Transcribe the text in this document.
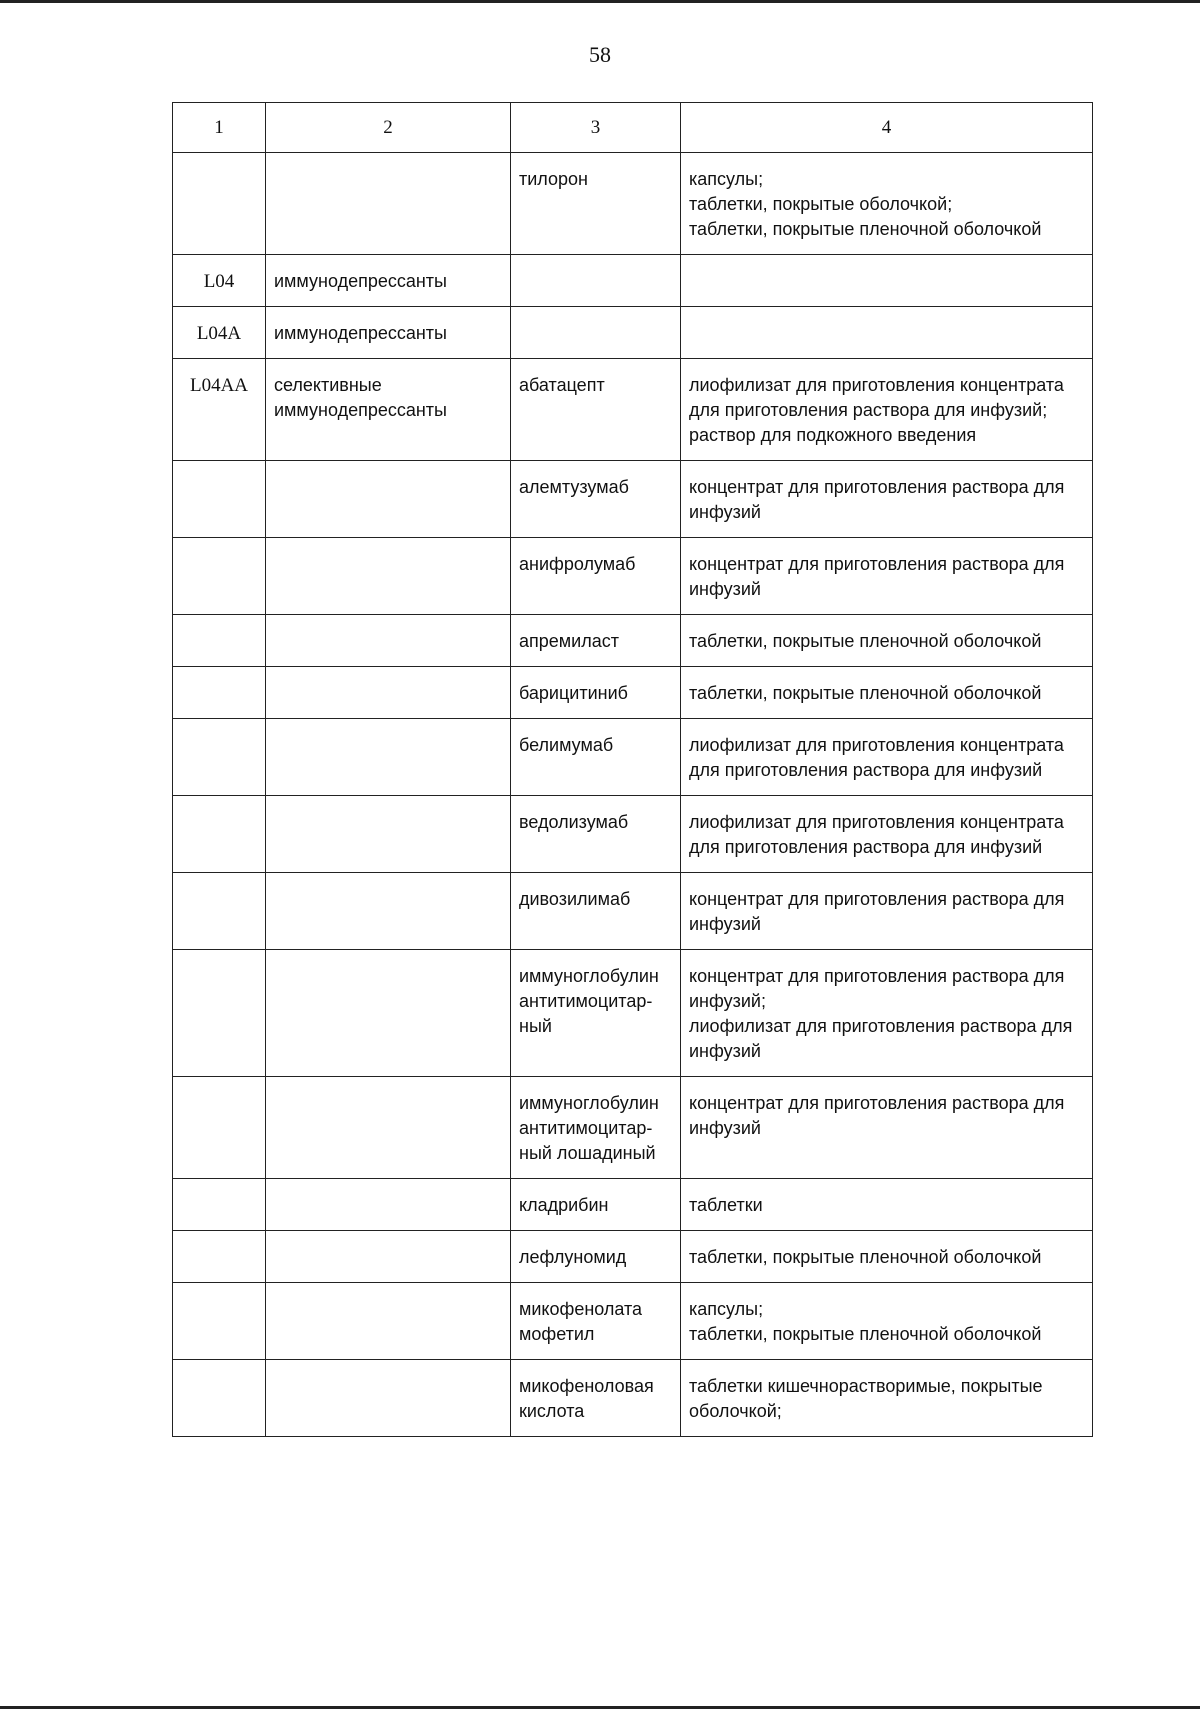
58
1	2	3	4
		тилорон	капсулы;
таблетки, покрытые оболочкой;
таблетки, покрытые пленочной оболочкой
L04	иммунодепрессанты		
L04A	иммунодепрессанты		
L04AA	селективные иммунодепрессанты	абатацепт	лиофилизат для приготовления концентрата для приготовления раствора для инфузий;
раствор для подкожного введения
		алемтузумаб	концентрат для приготовления раствора для инфузий
		анифролумаб	концентрат для приготовления раствора для инфузий
		апремиласт	таблетки, покрытые пленочной оболочкой
		барицитиниб	таблетки, покрытые пленочной оболочкой
		белимумаб	лиофилизат для приготовления концентрата для приготовления раствора для инфузий
		ведолизумаб	лиофилизат для приготовления концентрата для приготовления раствора для инфузий
		дивозилимаб	концентрат для приготовления раствора для инфузий
		иммуноглобулин антитимоцитар-
ный	концентрат для приготовления раствора для инфузий;
лиофилизат для приготовления раствора для инфузий
		иммуноглобулин антитимоцитар-
ный лошадиный	концентрат для приготовления раствора для инфузий
		кладрибин	таблетки
		лефлуномид	таблетки, покрытые пленочной оболочкой
		микофенолата мофетил	капсулы;
таблетки, покрытые пленочной оболочкой
		микофеноловая кислота	таблетки кишечнорастворимые, покрытые оболочкой;
